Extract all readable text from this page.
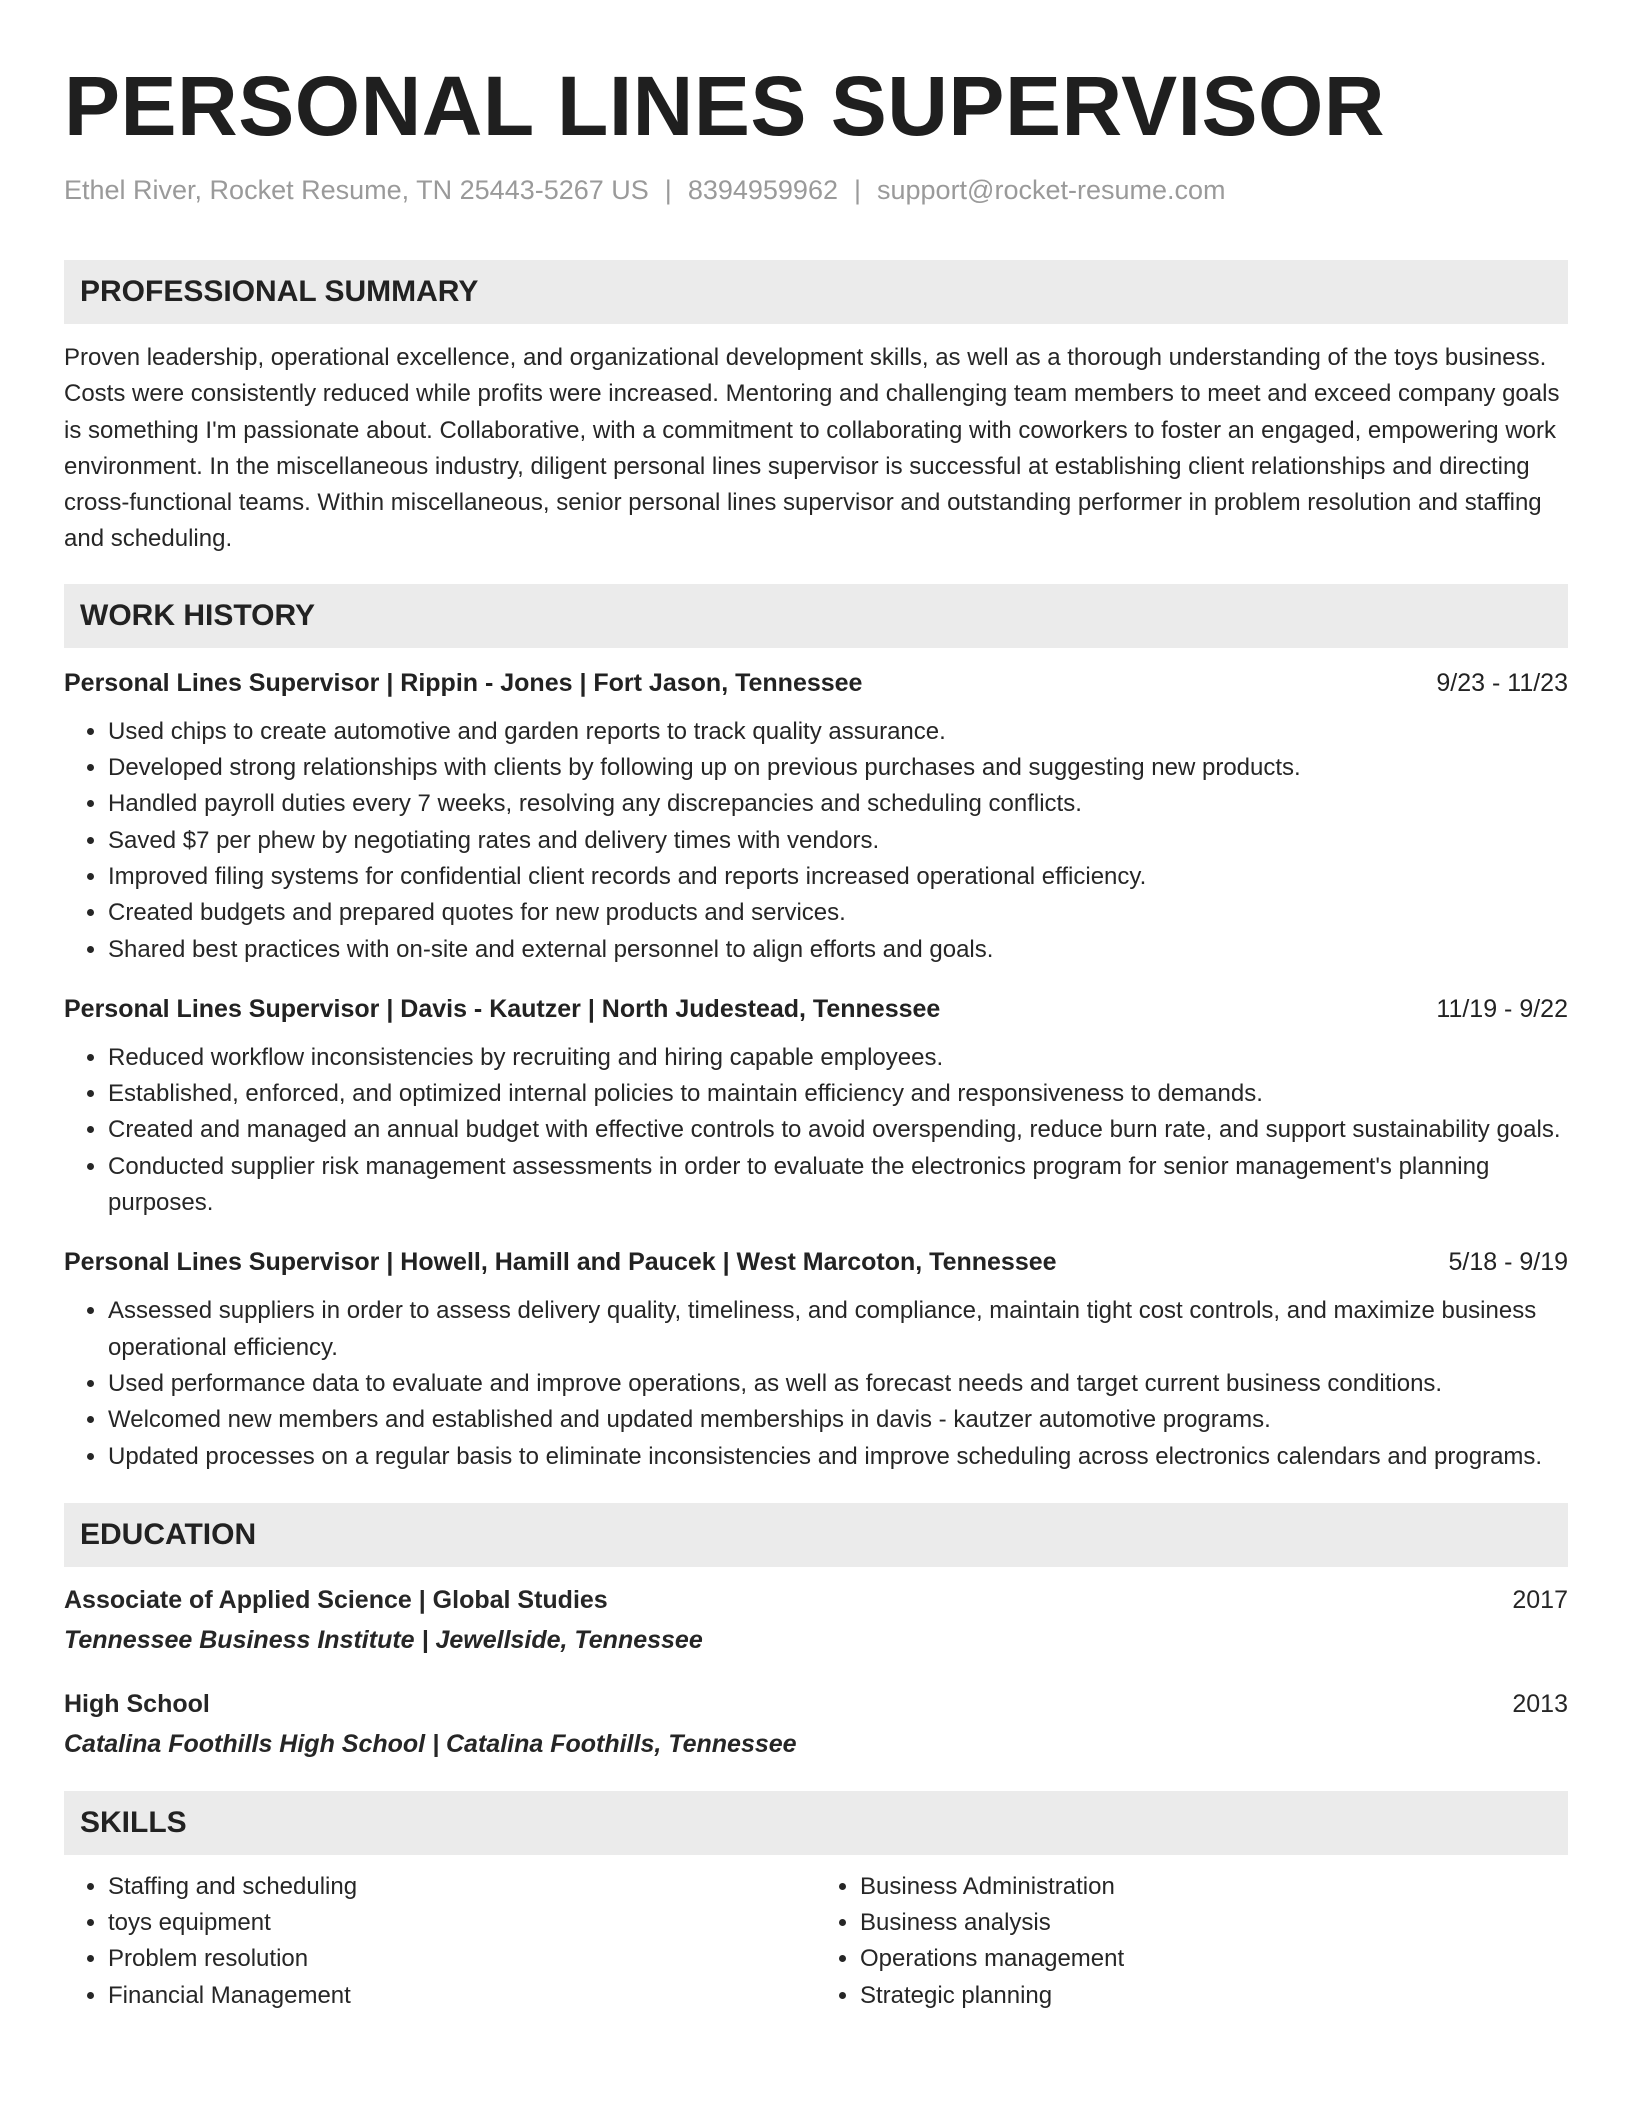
PERSONAL LINES SUPERVISOR
Ethel River, Rocket Resume, TN 25443-5267 US | 8394959962 | support@rocket-resume.com
PROFESSIONAL SUMMARY

Proven leadership, operational excellence, and organizational development skills, as well as a thorough understanding of the toys business. Costs were consistently reduced while profits were increased. Mentoring and challenging team members to meet and exceed company goals is something I'm passionate about. Collaborative, with a commitment to collaborating with coworkers to foster an engaged, empowering work environment. In the miscellaneous industry, diligent personal lines supervisor is successful at establishing client relationships and directing cross-functional teams. Within miscellaneous, senior personal lines supervisor and outstanding performer in problem resolution and staffing and scheduling.

WORK HISTORY
Personal Lines Supervisor | Rippin - Jones | Fort Jason, Tennessee	9/23 - 11/23
• Used chips to create automotive and garden reports to track quality assurance.
• Developed strong relationships with clients by following up on previous purchases and suggesting new products.
• Handled payroll duties every 7 weeks, resolving any discrepancies and scheduling conflicts.
• Saved $7 per phew by negotiating rates and delivery times with vendors.
• Improved filing systems for confidential client records and reports increased operational efficiency.
• Created budgets and prepared quotes for new products and services.
• Shared best practices with on-site and external personnel to align efforts and goals.
Personal Lines Supervisor | Davis - Kautzer | North Judestead, Tennessee	11/19 - 9/22
• Reduced workflow inconsistencies by recruiting and hiring capable employees.
• Established, enforced, and optimized internal policies to maintain efficiency and responsiveness to demands.
• Created and managed an annual budget with effective controls to avoid overspending, reduce burn rate, and support sustainability goals.
• Conducted supplier risk management assessments in order to evaluate the electronics program for senior management's planning purposes.
Personal Lines Supervisor | Howell, Hamill and Paucek | West Marcoton, Tennessee	5/18 - 9/19
• Assessed suppliers in order to assess delivery quality, timeliness, and compliance, maintain tight cost controls, and maximize business operational efficiency.
• Used performance data to evaluate and improve operations, as well as forecast needs and target current business conditions.
• Welcomed new members and established and updated memberships in davis - kautzer automotive programs.
• Updated processes on a regular basis to eliminate inconsistencies and improve scheduling across electronics calendars and programs.
EDUCATION
Associate of Applied Science | Global Studies	2017
Tennessee Business Institute | Jewellside, Tennessee
High School	2013
Catalina Foothills High School | Catalina Foothills, Tennessee
SKILLS
• Staffing and scheduling
• toys equipment
• Problem resolution
• Financial Management
• Business Administration
• Business analysis
• Operations management
• Strategic planning
